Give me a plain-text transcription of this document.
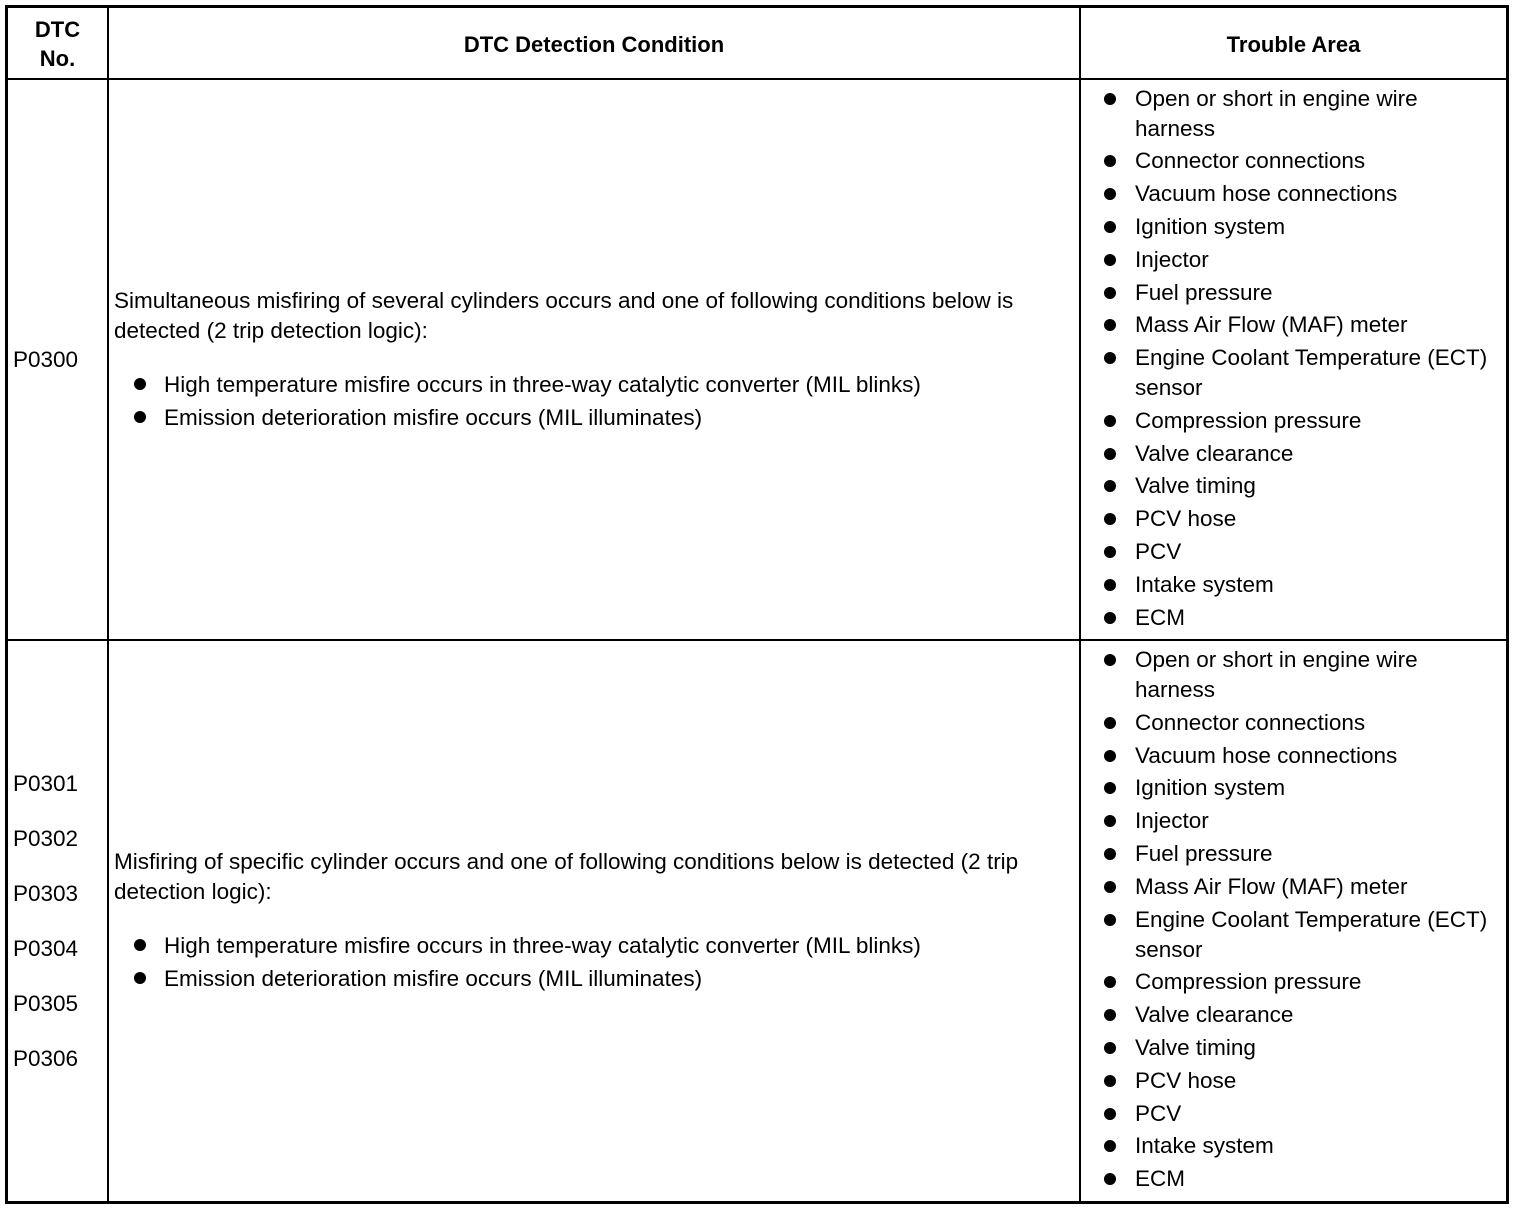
DTC No.
DTC Detection Condition	Trouble Area
P0300

Simultaneous misfiring of several cylinders occurs and one of following conditions below is detected (2 trip detection logic):

High temperature misfire occurs in three-way catalytic converter (MIL blinks)
Emission deterioration misfire occurs (MIL illuminates)
Open or short in engine wire harness
Connector connections
Vacuum hose connections
Ignition system
Injector
Fuel pressure
Mass Air Flow (MAF) meter
Engine Coolant Temperature (ECT) sensor
Compression pressure
Valve clearance
Valve timing
PCV hose
PCV
Intake system
ECM
P0301
P0302
P0303
P0304
P0305
P0306

Misfiring of specific cylinder occurs and one of following conditions below is detected (2 trip detection logic):

High temperature misfire occurs in three-way catalytic converter (MIL blinks)
Emission deterioration misfire occurs (MIL illuminates)
Open or short in engine wire harness
Connector connections
Vacuum hose connections
Ignition system
Injector
Fuel pressure
Mass Air Flow (MAF) meter
Engine Coolant Temperature (ECT) sensor
Compression pressure
Valve clearance
Valve timing
PCV hose
PCV
Intake system
ECM
